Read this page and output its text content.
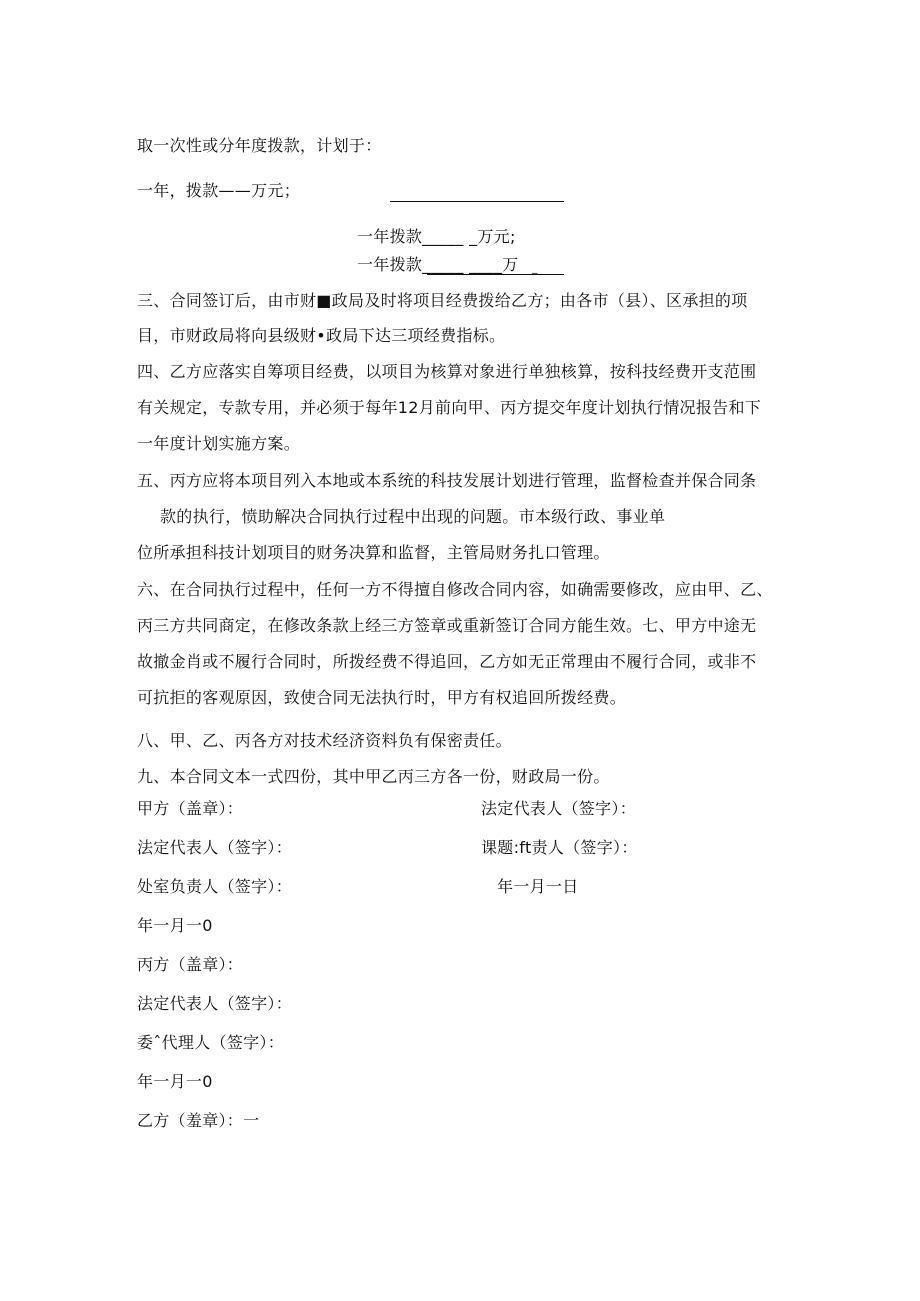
取一次性或分年度拨款，计划于：
一年，拨款——万元；
一年拨款_____ _万元;
一年拨款_____ ____万 _
三、合同签订后，由市财■政局及时将项目经费拨给乙方；由各市（县）、区承担的项
目，市财政局将向县级财•政局下达三项经费指标。
四、乙方应落实自筹项目经费，以项目为核算对象进行单独核算，按科技经费开支范围
有关规定，专款专用，并必须于每年12月前向甲、丙方提交年度计划执行情况报告和下
一年度计划实施方案。
五、丙方应将本项目列入本地或本系统的科技发展计划进行管理，监督检查并保合同条
款的执行，愤助解决合同执行过程中出现的问题。市本级行政、事业单
位所承担科技计划项目的财务决算和监督，主管局财务扎口管理。
六、在合同执行过程中，任何一方不得擅自修改合同内容，如确需要修改，应由甲、乙、
丙三方共同商定，在修改条款上经三方签章或重新签订合同方能生效。七、甲方中途无
故撤金肖或不履行合同时，所拨经费不得追回，乙方如无正常理由不履行合同，或非不
可抗拒的客观原因，致使合同无法执行时，甲方有权追回所拨经费。
八、甲、乙、丙各方对技术经济资料负有保密责任。
九、本合同文本一式四份，其中甲乙丙三方各一份，财政局一份。
甲方（盖章）：	法定代表人（签字）：
法定代表人（签字）：	课题:ft责人（签字）：
处室负责人（签字）：	年一月一日
年一月一0
丙方（盖章）：
法定代表人（签字）：
委ˆ代理人（签字）：
年一月一0
乙方（羞章）：一
